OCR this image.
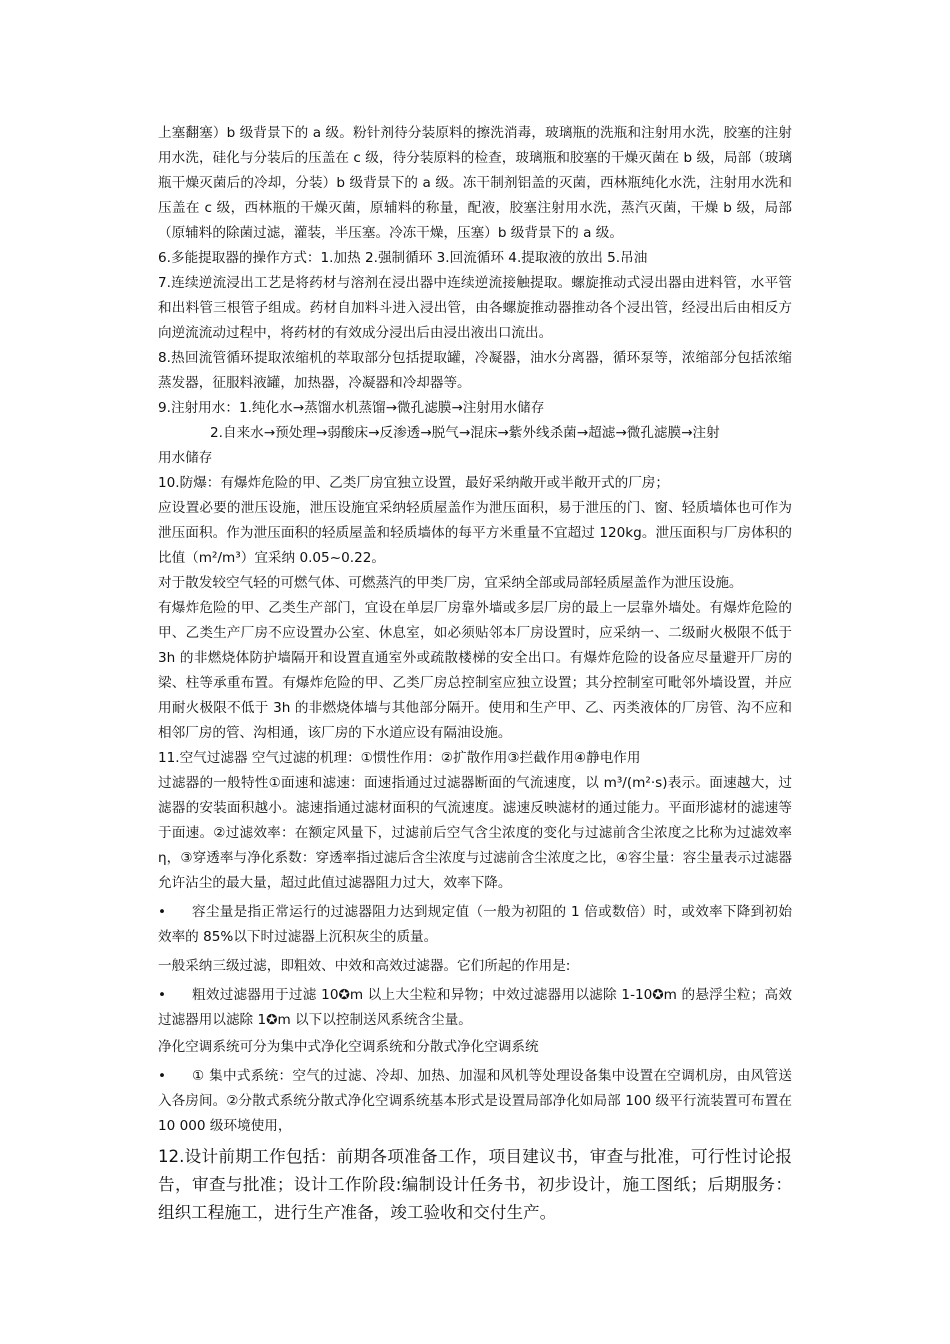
上塞翻塞）b 级背景下的 a 级。粉针剂待分装原料的擦洗消毒，玻璃瓶的洗瓶和注射用水洗，胶塞的注射用水洗，硅化与分装后的压盖在 c 级，待分装原料的检查，玻璃瓶和胶塞的干燥灭菌在 b 级，局部（玻璃瓶干燥灭菌后的冷却，分装）b 级背景下的 a 级。冻干制剂铝盖的灭菌，西林瓶纯化水洗，注射用水洗和压盖在 c 级，西林瓶的干燥灭菌，原辅料的称量，配液，胶塞注射用水洗，蒸汽灭菌，干燥 b 级，局部（原辅料的除菌过滤，灌装，半压塞。冷冻干燥，压塞）b 级背景下的 a 级。

6.多能提取器的操作方式：1.加热 2.强制循环 3.回流循环 4.提取液的放出 5.吊油

7.连续逆流浸出工艺是将药材与溶剂在浸出器中连续逆流接触提取。螺旋推动式浸出器由进料管，水平管和出料管三根管子组成。药材自加料斗进入浸出管，由各螺旋推动器推动各个浸出管，经浸出后由相反方向逆流流动过程中，将药材的有效成分浸出后由浸出液出口流出。

8.热回流管循环提取浓缩机的萃取部分包括提取罐，冷凝器，油水分离器，循环泵等，浓缩部分包括浓缩蒸发器，征服料液罐，加热器，冷凝器和冷却器等。

9.注射用水：1.纯化水→蒸馏水机蒸馏→微孔滤膜→注射用水储存

2.自来水→预处理→弱酸床→反渗透→脱气→混床→紫外线杀菌→超滤→微孔滤膜→注射

用水储存

10.防爆：有爆炸危险的甲、乙类厂房宜独立设置，最好采纳敞开或半敞开式的厂房；

应设置必要的泄压设施，泄压设施宜采纳轻质屋盖作为泄压面积，易于泄压的门、窗、轻质墙体也可作为泄压面积。作为泄压面积的轻质屋盖和轻质墙体的每平方米重量不宜超过 120kg。泄压面积与厂房体积的比值（m²/m³）宜采纳 0.05~0.22。

对于散发较空气轻的可燃气体、可燃蒸汽的甲类厂房，宜采纳全部或局部轻质屋盖作为泄压设施。

有爆炸危险的甲、乙类生产部门，宜设在单层厂房靠外墙或多层厂房的最上一层靠外墙处。有爆炸危险的甲、乙类生产厂房不应设置办公室、休息室，如必须贴邻本厂房设置时，应采纳一、二级耐火极限不低于 3h 的非燃烧体防护墙隔开和设置直通室外或疏散楼梯的安全出口。有爆炸危险的设备应尽量避开厂房的梁、柱等承重布置。有爆炸危险的甲、乙类厂房总控制室应独立设置；其分控制室可毗邻外墙设置，并应用耐火极限不低于 3h 的非燃烧体墙与其他部分隔开。使用和生产甲、乙、丙类液体的厂房管、沟不应和相邻厂房的管、沟相通，该厂房的下水道应设有隔油设施。

11.空气过滤器 空气过滤的机理：①惯性作用：②扩散作用③拦截作用④静电作用

过滤器的一般特性①面速和滤速：面速指通过过滤器断面的气流速度，以 m³/(m²·s)表示。面速越大，过滤器的安装面积越小。滤速指通过滤材面积的气流速度。滤速反映滤材的通过能力。平面形滤材的滤速等于面速。②过滤效率：在额定风量下，过滤前后空气含尘浓度的变化与过滤前含尘浓度之比称为过滤效率 η，③穿透率与净化系数：穿透率指过滤后含尘浓度与过滤前含尘浓度之比，④容尘量：容尘量表示过滤器允许沾尘的最大量，超过此值过滤器阻力过大，效率下降。

•	容尘量是指正常运行的过滤器阻力达到规定值（一般为初阻的 1 倍或数倍）时，或效率下降到初始效率的 85%以下时过滤器上沉积灰尘的质量。

一般采纳三级过滤，即粗效、中效和高效过滤器。它们所起的作用是:

•	粗效过滤器用于过滤 10✪m 以上大尘粒和异物；中效过滤器用以滤除 1-10✪m 的悬浮尘粒；高效过滤器用以滤除 1✪m 以下以控制送风系统含尘量。

净化空调系统可分为集中式净化空调系统和分散式净化空调系统

•	① 集中式系统：空气的过滤、冷却、加热、加湿和风机等处理设备集中设置在空调机房，由风管送入各房间。②分散式系统分散式净化空调系统基本形式是设置局部净化如局部 100 级平行流装置可布置在 10 000 级环境使用，

12.设计前期工作包括：前期各项准备工作，项目建议书，审查与批准，可行性讨论报告，审查与批准；设计工作阶段:编制设计任务书，初步设计，施工图纸；后期服务：组织工程施工，进行生产准备，竣工验收和交付生产。
